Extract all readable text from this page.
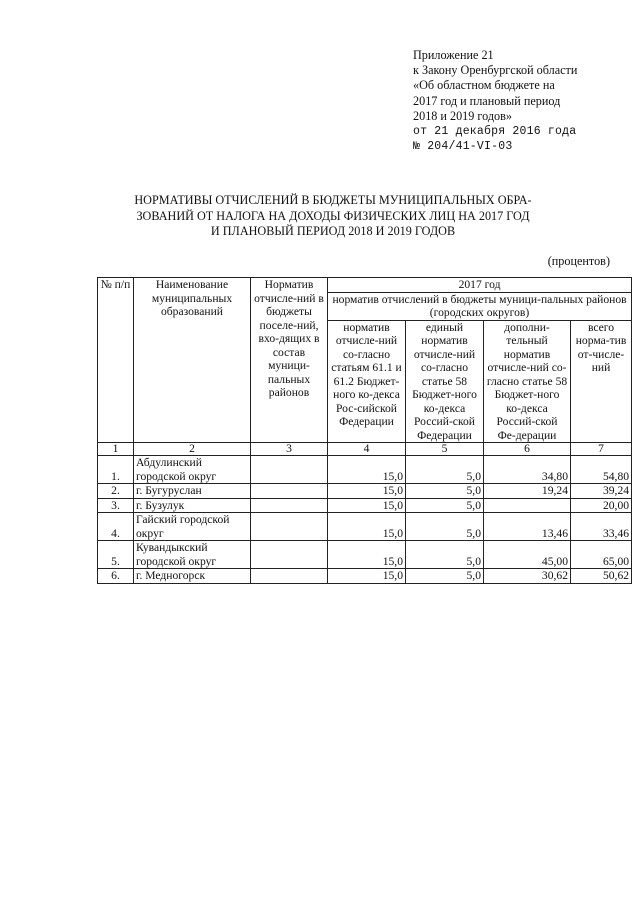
Приложение 21
к Закону Оренбургской области
«Об областном бюджете на
2017 год и плановый период
2018 и 2019 годов»
от 21 декабря 2016 года
№ 204/41-VI-03
НОРМАТИВЫ ОТЧИСЛЕНИЙ В БЮДЖЕТЫ МУНИЦИПАЛЬНЫХ ОБРА-
ЗОВАНИЙ ОТ НАЛОГА НА ДОХОДЫ ФИЗИЧЕСКИХ ЛИЦ НА 2017 ГОД
И ПЛАНОВЫЙ ПЕРИОД 2018 И 2019 ГОДОВ
(процентов)
№ п/п	Наименование муниципальных образований	Норматив отчисле-ний в бюджеты поселе-ний, вхо-дящих в состав муници-пальных районов	2017 год			
			норматив отчислений в бюджеты муници-пальных районов (городских округов)			
			норматив отчисле-ний со-гласно статьям 61.1 и 61.2 Бюджет-ного ко-декса Рос-сийской Федерации	единый норматив отчисле-ний со-гласно статье 58 Бюджет-ного ко-декса Россий-ской Федерации	дополни-тельный норматив отчисле-ний со-гласно статье 58 Бюджет-ного ко-декса Россий-ской Фе-дерации	всего норма-тив от-числе-ний
1	2	3	4	5	6	7
1.	Абдулинский городской округ		15,0	5,0	34,80	54,80
2.	г. Бугуруслан		15,0	5,0	19,24	39,24
3.	г. Бузулук		15,0	5,0		20,00
4.	Гайский городской округ		15,0	5,0	13,46	33,46
5.	Кувандыкский городской округ		15,0	5,0	45,00	65,00
6.	г. Медногорск		15,0	5,0	30,62	50,62
